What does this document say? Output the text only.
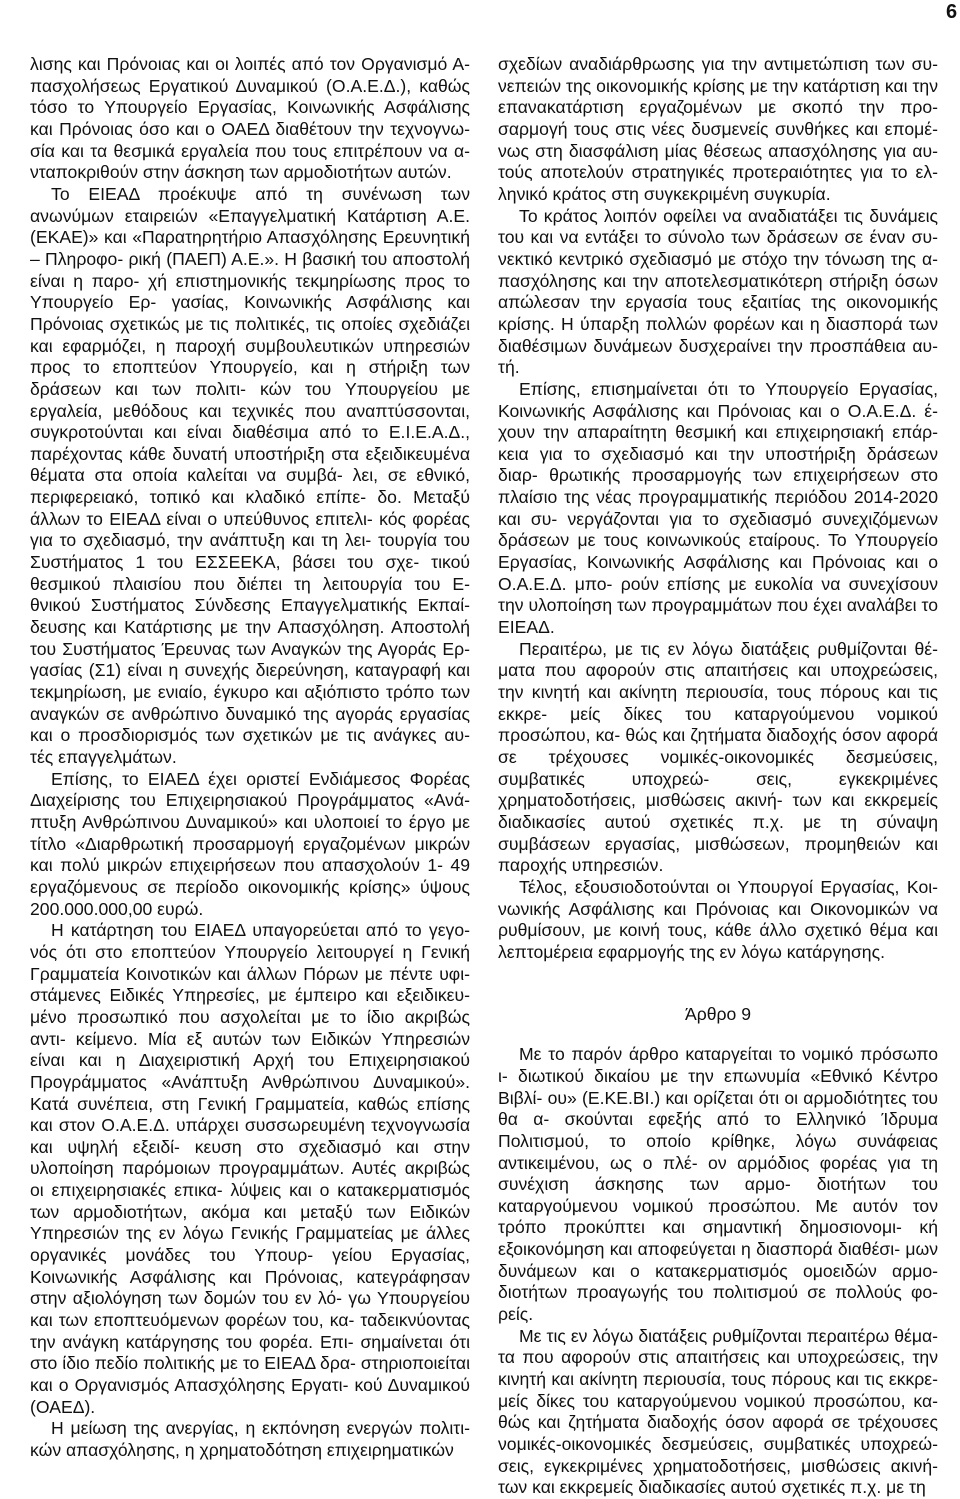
6

λισης και Πρόνοιας και οι λοιπές από τον Οργανισμό Α- πασχολήσεως Εργατικού Δυναμικού (Ο.Α.Ε.Δ.), καθώς τόσο το Υπουργείο Εργασίας, Κοινωνικής Ασφάλισης και Πρόνοιας όσο και ο ΟΑΕΔ διαθέτουν την τεχνογνω- σία και τα θεσμικά εργαλεία που τους επιτρέπουν να α- νταποκριθούν στην άσκηση των αρμοδιοτήτων αυτών.

Το ΕΙΕΑΔ προέκυψε από τη συνένωση των ανωνύμων εταιρειών «Επαγγελματική Κατάρτιση Α.Ε. (ΕΚΑΕ)» και «Παρατηρητήριο Απασχόλησης Ερευνητική – Πληροφο- ρική (ΠΑΕΠ) Α.Ε.». Η βασική του αποστολή είναι η παρο- χή επιστημονικής τεκμηρίωσης προς το Υπουργείο Ερ- γασίας, Κοινωνικής Ασφάλισης και Πρόνοιας σχετικώς με τις πολιτικές, τις οποίες σχεδιάζει και εφαρμόζει, η παροχή συμβουλευτικών υπηρεσιών προς το εποπτεύον Υπουργείο, και η στήριξη των δράσεων και των πολιτι- κών του Υπουργείου με εργαλεία, μεθόδους και τεχνικές που αναπτύσσονται, συγκροτούνται και είναι διαθέσιμα από το Ε.Ι.Ε.Α.Δ., παρέχοντας κάθε δυνατή υποστήριξη στα εξειδικευμένα θέματα στα οποία καλείται να συμβά- λει, σε εθνικό, περιφερειακό, τοπικό και κλαδικό επίπε- δο. Μεταξύ άλλων το ΕΙΕΑΔ είναι ο υπεύθυνος επιτελι- κός φορέας για το σχεδιασμό, την ανάπτυξη και τη λει- τουργία του Συστήματος 1 του ΕΣΣΕΕΚΑ, βάσει του σχε- τικού θεσμικού πλαισίου που διέπει τη λειτουργία του Ε- θνικού Συστήματος Σύνδεσης Επαγγελματικής Εκπαί- δευσης και Κατάρτισης με την Απασχόληση. Αποστολή του Συστήματος Έρευνας των Αναγκών της Αγοράς Ερ- γασίας (Σ1) είναι η συνεχής διερεύνηση, καταγραφή και τεκμηρίωση, με ενιαίο, έγκυρο και αξιόπιστο τρόπο των αναγκών σε ανθρώπινο δυναμικό της αγοράς εργασίας και ο προσδιορισμός των σχετικών με τις ανάγκες αυ- τές επαγγελμάτων.

Επίσης, το ΕΙΑΕΔ έχει οριστεί Ενδιάμεσος Φορέας Διαχείρισης του Επιχειρησιακού Προγράμματος «Ανά- πτυξη Ανθρώπινου Δυναμικού» και υλοποιεί το έργο με τίτλο «Διαρθρωτική προσαρμογή εργαζομένων μικρών και πολύ μικρών επιχειρήσεων που απασχολούν 1- 49 εργαζόμενους σε περίοδο οικονομικής κρίσης» ύψους 200.000.000,00 ευρώ.

Η κατάρτηση του ΕΙΑΕΔ υπαγορεύεται από το γεγο- νός ότι στο εποπτεύον Υπουργείο λειτουργεί η Γενική Γραμματεία Κοινοτικών και άλλων Πόρων με πέντε υφι- στάμενες Ειδικές Υπηρεσίες, με έμπειρο και εξειδικευ- μένο προσωπικό που ασχολείται με το ίδιο ακριβώς αντι- κείμενο. Μία εξ αυτών των Ειδικών Υπηρεσιών είναι και η Διαχειριστική Αρχή του Επιχειρησιακού Προγράμματος «Ανάπτυξη Ανθρώπινου Δυναμικού». Κατά συνέπεια, στη Γενική Γραμματεία, καθώς επίσης και στον Ο.Α.Ε.Δ. υπάρχει συσσωρευμένη τεχνογνωσία και υψηλή εξειδί- κευση στο σχεδιασμό και στην υλοποίηση παρόμοιων προγραμμάτων. Αυτές ακριβώς οι επιχειρησιακές επικα- λύψεις και ο κατακερματισμός των αρμοδιοτήτων, ακόμα και μεταξύ των Ειδικών Υπηρεσιών της εν λόγω Γενικής Γραμματείας με άλλες οργανικές μονάδες του Υπουρ- γείου Εργασίας, Κοινωνικής Ασφάλισης και Πρόνοιας, κατεγράφησαν στην αξιολόγηση των δομών του εν λό- γω Υπουργείου και των εποπτευόμενων φορέων του, κα- ταδεικνύοντας την ανάγκη κατάργησης του φορέα. Επι- σημαίνεται ότι στο ίδιο πεδίο πολιτικής με το ΕΙΕΑΔ δρα- στηριοποιείται και ο Οργανισμός Απασχόλησης Εργατι- κού Δυναμικού (ΟΑΕΔ).

Η μείωση της ανεργίας, η εκπόνηση ενεργών πολιτι- κών απασχόλησης, η χρηματοδότηση επιχειρηματικών

σχεδίων αναδιάρθρωσης για την αντιμετώπιση των συ- νεπειών της οικονομικής κρίσης με την κατάρτιση και την επανακατάρτιση εργαζομένων με σκοπό την προ- σαρμογή τους στις νέες δυσμενείς συνθήκες και επομέ- νως στη διασφάλιση μίας θέσεως απασχόλησης για αυ- τούς αποτελούν στρατηγικές προτεραιότητες για το ελ- ληνικό κράτος στη συγκεκριμένη συγκυρία.

Το κράτος λοιπόν οφείλει να αναδιατάξει τις δυνάμεις του και να εντάξει το σύνολο των δράσεων σε έναν συ- νεκτικό κεντρικό σχεδιασμό με στόχο την τόνωση της α- πασχόλησης και την αποτελεσματικότερη στήριξη όσων απώλεσαν την εργασία τους εξαιτίας της οικονομικής κρίσης. Η ύπαρξη πολλών φορέων και η διασπορά των διαθέσιμων δυνάμεων δυσχεραίνει την προσπάθεια αυ- τή.

Επίσης, επισημαίνεται ότι το Υπουργείο Εργασίας, Κοινωνικής Ασφάλισης και Πρόνοιας και ο Ο.Α.Ε.Δ. έ- χουν την απαραίτητη θεσμική και επιχειρησιακή επάρ- κεια για το σχεδιασμό και την υποστήριξη δράσεων διαρ- θρωτικής προσαρμογής των επιχειρήσεων στο πλαίσιο της νέας προγραμματικής περιόδου 2014-2020 και συ- νεργάζονται για το σχεδιασμό συνεχιζόμενων δράσεων με τους κοινωνικούς εταίρους. Το Υπουργείο Εργασίας, Κοινωνικής Ασφάλισης και Πρόνοιας και ο Ο.Α.Ε.Δ. μπο- ρούν επίσης με ευκολία να συνεχίσουν την υλοποίηση των προγραμμάτων που έχει αναλάβει το ΕΙΕΑΔ.

Περαιτέρω, με τις εν λόγω διατάξεις ρυθμίζονται θέ- ματα που αφορούν στις απαιτήσεις και υποχρεώσεις, την κινητή και ακίνητη περιουσία, τους πόρους και τις εκκρε- μείς δίκες του καταργούμενου νομικού προσώπου, κα- θώς και ζητήματα διαδοχής όσον αφορά σε τρέχουσες νομικές-οικονομικές δεσμεύσεις, συμβατικές υποχρεώ- σεις, εγκεκριμένες χρηματοδοτήσεις, μισθώσεις ακινή- των και εκκρεμείς διαδικασίες αυτού σχετικές π.χ. με τη σύναψη συμβάσεων εργασίας, μισθώσεων, προμηθειών και παροχής υπηρεσιών.

Τέλος, εξουσιοδοτούνται οι Υπουργοί Εργασίας, Κοι- νωνικής Ασφάλισης και Πρόνοιας και Οικονομικών να ρυθμίσουν, με κοινή τους, κάθε άλλο σχετικό θέμα και λεπτομέρεια εφαρμογής της εν λόγω κατάργησης.

Άρθρο 9

Με το παρόν άρθρο καταργείται το νομικό πρόσωπο ι- διωτικού δικαίου με την επωνυμία «Εθνικό Κέντρο Βιβλί- ου» (Ε.ΚΕ.ΒΙ.) και ορίζεται ότι οι αρμοδιότητες του θα α- σκούνται εφεξής από το Ελληνικό Ίδρυμα Πολιτισμού, το οποίο κρίθηκε, λόγω συνάφειας αντικειμένου, ως ο πλέ- ον αρμόδιος φορέας για τη συνέχιση άσκησης των αρμο- διοτήτων του καταργούμενου νομικού προσώπου. Με αυτόν τον τρόπο προκύπτει και σημαντική δημοσιονομι- κή εξοικονόμηση και αποφεύγεται η διασπορά διαθέσι- μων δυνάμεων και ο κατακερματισμός ομοειδών αρμο- διοτήτων προαγωγής του πολιτισμού σε πολλούς φο- ρείς.

Με τις εν λόγω διατάξεις ρυθμίζονται περαιτέρω θέμα- τα που αφορούν στις απαιτήσεις και υποχρεώσεις, την κινητή και ακίνητη περιουσία, τους πόρους και τις εκκρε- μείς δίκες του καταργούμενου νομικού προσώπου, κα- θώς και ζητήματα διαδοχής όσον αφορά σε τρέχουσες νομικές-οικονομικές δεσμεύσεις, συμβατικές υποχρεώ- σεις, εγκεκριμένες χρηματοδοτήσεις, μισθώσεις ακινή- των και εκκρεμείς διαδικασίες αυτού σχετικές π.χ. με τη
